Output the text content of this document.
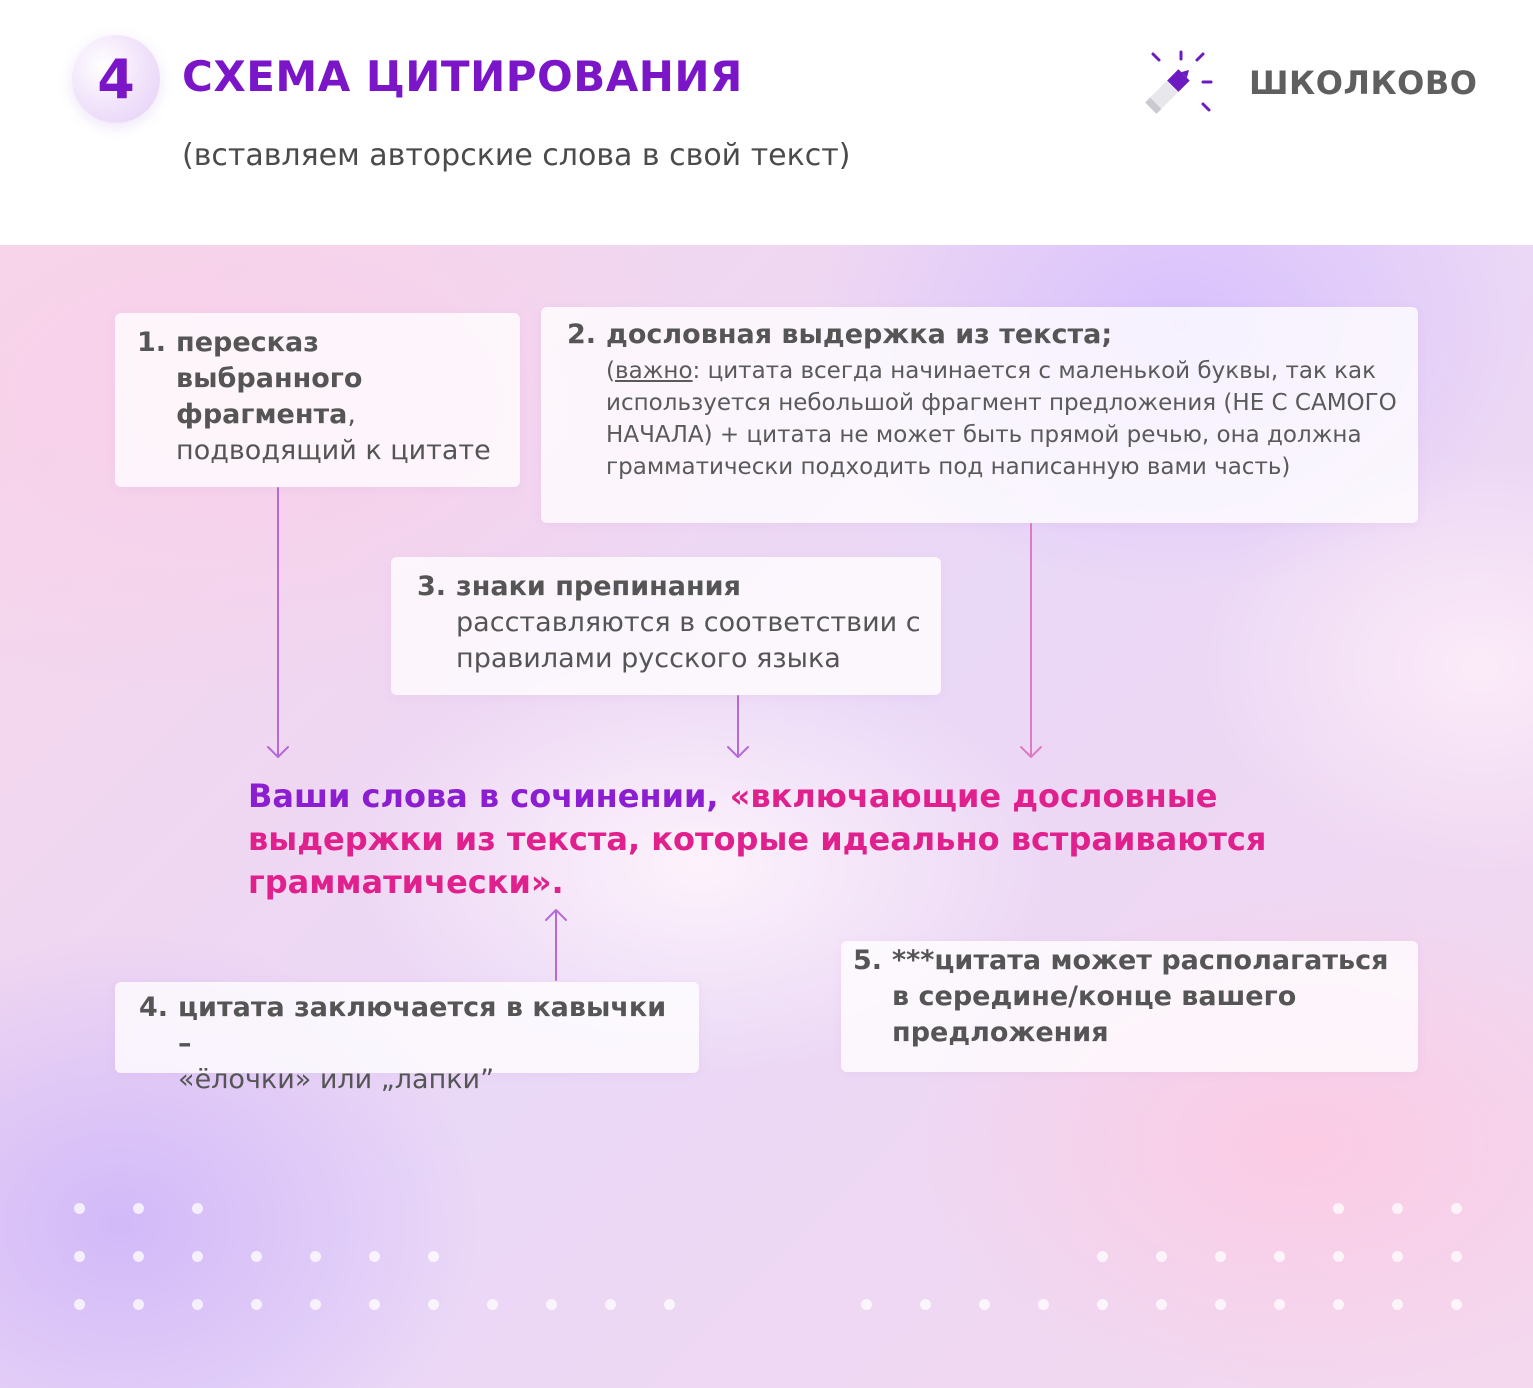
4 СХЕМА ЦИТИРОВАНИЯ

(вставляем авторские слова в свой текст)

ШКОЛКОВО
1. пересказ выбранного фрагмента, подводящий к цитате
2. дословная выдержка из текста;
(важно: цитата всегда начинается с маленькой буквы, так как используется небольшой фрагмент предложения (НЕ С САМОГО НАЧАЛА) + цитата не может быть прямой речью, она должна грамматически подходить под написанную вами часть)
3. знаки препинания
расставляются в соответствии с правилами русского языка

Ваши слова в сочинении, «включающие дословные выдержки из текста, которые идеально встраиваются грамматически».

4. цитата заключается в кавычки –
«ёлочки» или „лапки”
5. ***цитата может располагаться в середине/конце вашего предложения
